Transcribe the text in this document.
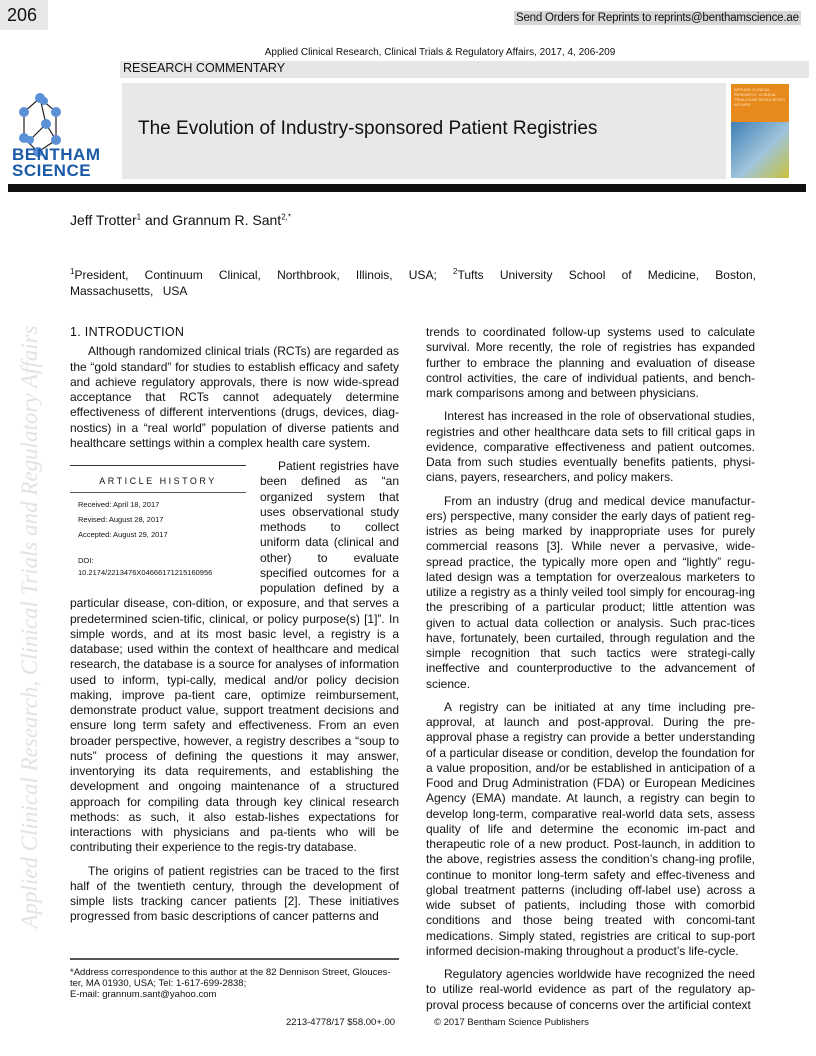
206	Send Orders for Reprints to reprints@benthamscience.ae
Applied Clinical Research, Clinical Trials & Regulatory Affairs, 2017, 4, 206-209
RESEARCH COMMENTARY
The Evolution of Industry-sponsored Patient Registries
APPLIED CLINICAL RESEARCH, CLINICAL TRIALS AND REGULATORY AFFAIRS
BENTHAM
SCIENCE
Applied Clinical Research, Clinical Trials and Regulatory Affairs
Jeff Trotter$^1$ and Grannum R. Sant$^{2,*}$
$^1$President, Continuum Clinical, Northbrook, Illinois, USA; $^2$Tufts University School of Medicine, Boston, Massachusetts, USA
1. INTRODUCTION

Although randomized clinical trials (RCTs) are regarded as the “gold standard” for studies to establish efficacy and safety and achieve regulatory approvals, there is now wide-spread acceptance that RCTs cannot adequately determine effectiveness of different interventions (drugs, devices, diag-nostics) in a “real world” population of diverse patients and healthcare settings within a complex health care system.

ARTICLE HISTORY
Received: April 18, 2017
Revised: August 28, 2017
Accepted: August 29, 2017
DOI:
10.2174/2213476X04666171215160956

Patient registries have been defined as “an organized system that uses observational study methods to collect uniform data (clinical and other) to evaluate specified outcomes for a population defined by a particular disease, con-dition, or exposure, and that serves a predetermined scien-tific, clinical, or policy purpose(s) [1]”. In simple words, and at its most basic level, a registry is a database; used within the context of healthcare and medical research, the database is a source for analyses of information used to inform, typi-cally, medical and/or policy decision making, improve pa-tient care, optimize reimbursement, demonstrate product value, support treatment decisions and ensure long term safety and effectiveness. From an even broader perspective, however, a registry describes a “soup to nuts” process of defining the questions it may answer, inventorying its data requirements, and establishing the development and ongoing maintenance of a structured approach for compiling data through key clinical research methods: as such, it also estab-lishes expectations for interactions with physicians and pa-tients who will be contributing their experience to the regis-try database.

The origins of patient registries can be traced to the first half of the twentieth century, through the development of simple lists tracking cancer patients [2]. These initiatives progressed from basic descriptions of cancer patterns and

trends to coordinated follow-up systems used to calculate survival. More recently, the role of registries has expanded further to embrace the planning and evaluation of disease control activities, the care of individual patients, and bench-mark comparisons among and between physicians.

Interest has increased in the role of observational studies, registries and other healthcare data sets to fill critical gaps in evidence, comparative effectiveness and patient outcomes. Data from such studies eventually benefits patients, physi-cians, payers, researchers, and policy makers.

From an industry (drug and medical device manufactur-ers) perspective, many consider the early days of patient reg-istries as being marked by inappropriate uses for purely commercial reasons [3]. While never a pervasive, wide-spread practice, the typically more open and “lightly” regu-lated design was a temptation for overzealous marketers to utilize a registry as a thinly veiled tool simply for encourag-ing the prescribing of a particular product; little attention was given to actual data collection or analysis. Such prac-tices have, fortunately, been curtailed, through regulation and the simple recognition that such tactics were strategi-cally ineffective and counterproductive to the advancement of science.

A registry can be initiated at any time including pre-approval, at launch and post-approval. During the pre-approval phase a registry can provide a better understanding of a particular disease or condition, develop the foundation for a value proposition, and/or be established in anticipation of a Food and Drug Administration (FDA) or European Medicines Agency (EMA) mandate. At launch, a registry can begin to develop long-term, comparative real-world data sets, assess quality of life and determine the economic im-pact and therapeutic role of a new product. Post-launch, in addition to the above, registries assess the condition’s chang-ing profile, continue to monitor long-term safety and effec-tiveness and global treatment patterns (including off-label use) across a wide subset of patients, including those with comorbid conditions and those being treated with concomi-tant medications. Simply stated, registries are critical to sup-port informed decision-making throughout a product’s life-cycle.

Regulatory agencies worldwide have recognized the need to utilize real-world evidence as part of the regulatory ap-proval process because of concerns over the artificial context

*Address correspondence to this author at the 82 Dennison Street, Glouces-ter, MA 01930, USA; Tel: 1-617-699-2838;
E-mail: grannum.sant@yahoo.com
2213-4778/17 $58.00+.00	© 2017 Bentham Science Publishers
